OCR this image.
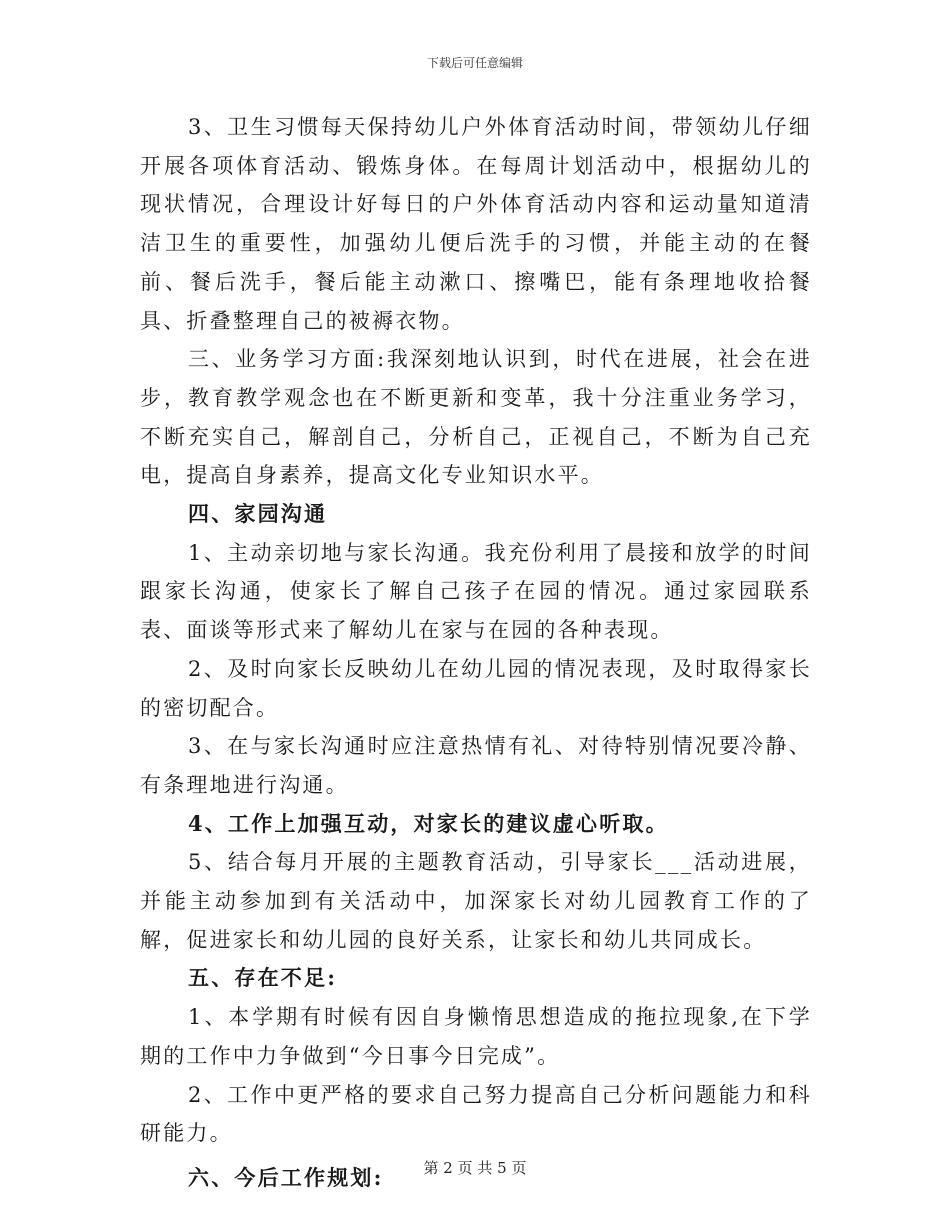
下载后可任意编辑

3、卫生习惯每天保持幼儿户外体育活动时间，带领幼儿仔细开展各项体育活动、锻炼身体。在每周计划活动中，根据幼儿的现状情况，合理设计好每日的户外体育活动内容和运动量知道清洁卫生的重要性，加强幼儿便后洗手的习惯，并能主动的在餐前、餐后洗手，餐后能主动漱口、擦嘴巴，能有条理地收拾餐具、折叠整理自己的被褥衣物。

三、业务学习方面:我深刻地认识到，时代在进展，社会在进步，教育教学观念也在不断更新和变革，我十分注重业务学习，不断充实自己，解剖自己，分析自己，正视自己，不断为自己充电，提高自身素养，提高文化专业知识水平。

四、家园沟通

1、主动亲切地与家长沟通。我充份利用了晨接和放学的时间跟家长沟通，使家长了解自己孩子在园的情况。通过家园联系表、面谈等形式来了解幼儿在家与在园的各种表现。

2、及时向家长反映幼儿在幼儿园的情况表现，及时取得家长的密切配合。

3、在与家长沟通时应注意热情有礼、对待特别情况要冷静、有条理地进行沟通。

4、工作上加强互动，对家长的建议虚心听取。

5、结合每月开展的主题教育活动，引导家长___活动进展，并能主动参加到有关活动中，加深家长对幼儿园教育工作的了解，促进家长和幼儿园的良好关系，让家长和幼儿共同成长。

五、存在不足:

1、本学期有时候有因自身懒惰思想造成的拖拉现象,在下学期的工作中力争做到“今日事今日完成”。

2、工作中更严格的要求自己努力提高自己分析问题能力和科研能力。

六、今后工作规划:	第 2 页 共 5 页
